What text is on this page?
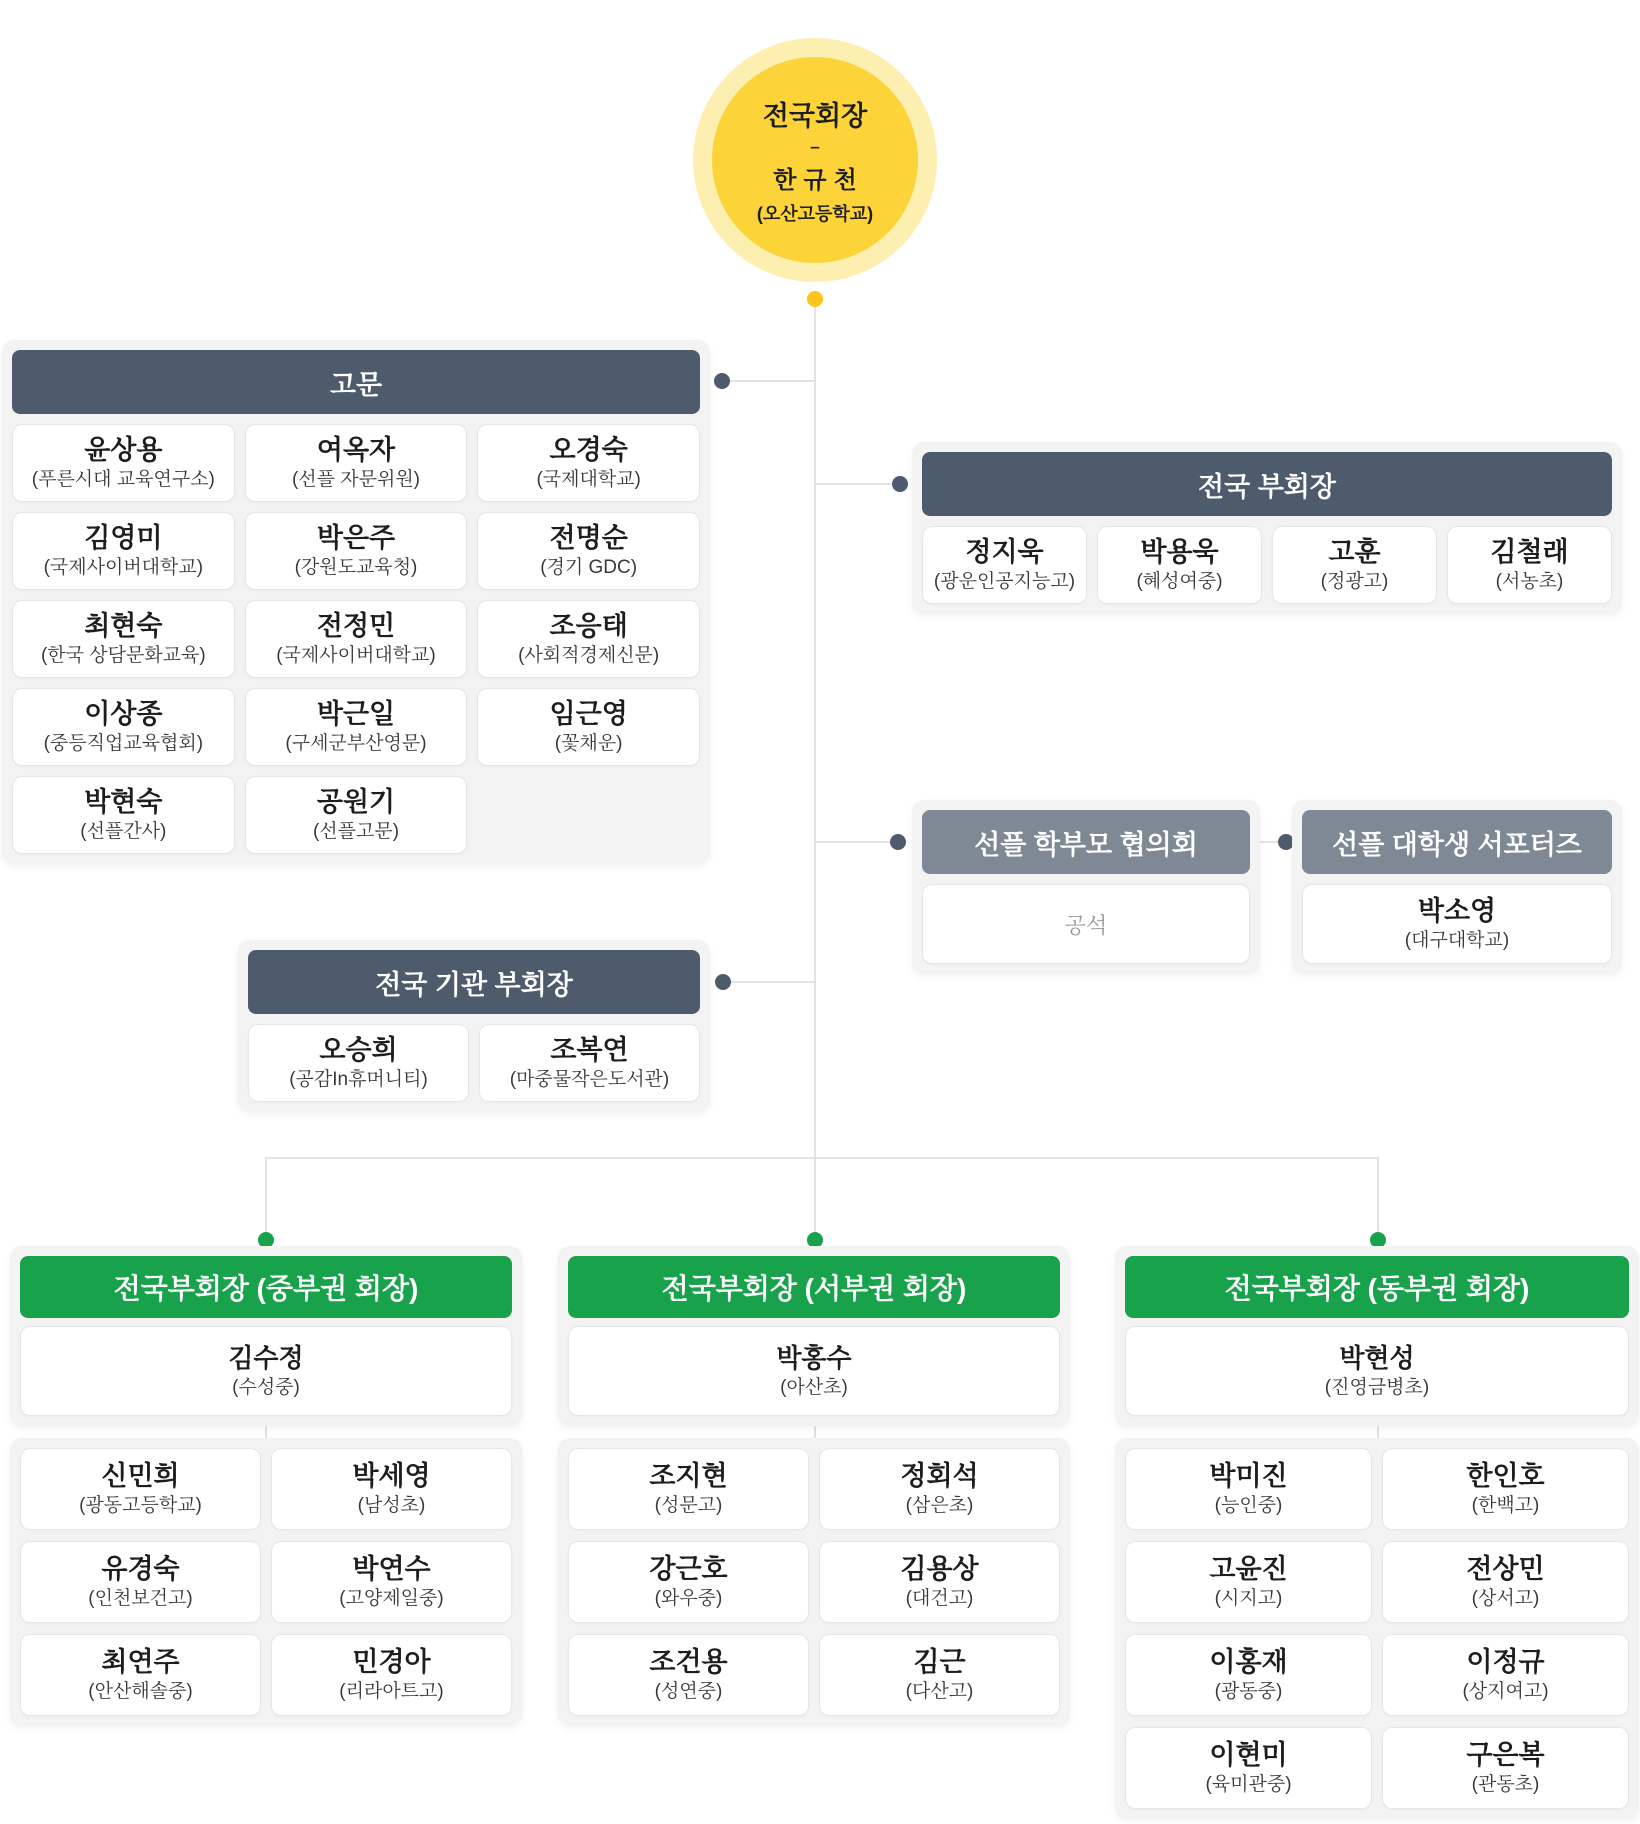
전국회장
–
한규천
(오산고등학교)
고문
윤상용
(푸른시대 교육연구소)
여옥자
(선플 자문위원)
오경숙
(국제대학교)
김영미
(국제사이버대학교)
박은주
(강원도교육청)
전명순
(경기 GDC)
최현숙
(한국 상담문화교육)
전정민
(국제사이버대학교)
조응태
(사회적경제신문)
이상종
(중등직업교육협회)
박근일
(구세군부산영문)
임근영
(꽃채운)
박현숙
(선플간사)
공원기
(선플고문)
전국 부회장
정지욱
(광운인공지능고)
박용욱
(혜성여중)
고훈
(정광고)
김철래
(서농초)
선플 학부모 협의회
공석
선플 대학생 서포터즈
박소영
(대구대학교)
전국 기관 부회장
오승희
(공감In휴머니티)
조복연
(마중물작은도서관)
전국부회장 (중부권 회장)
김수정
(수성중)
신민희
(광동고등학교)
박세영
(남성초)
유경숙
(인천보건고)
박연수
(고양제일중)
최연주
(안산해솔중)
민경아
(리라아트고)
전국부회장 (서부권 회장)
박홍수
(아산초)
조지현
(성문고)
정회석
(삼은초)
강근호
(와우중)
김용상
(대건고)
조건용
(성연중)
김근
(다산고)
전국부회장 (동부권 회장)
박현성
(진영금병초)
박미진
(능인중)
한인호
(한백고)
고윤진
(시지고)
전상민
(상서고)
이홍재
(광동중)
이정규
(상지여고)
이현미
(육미관중)
구은복
(관동초)
